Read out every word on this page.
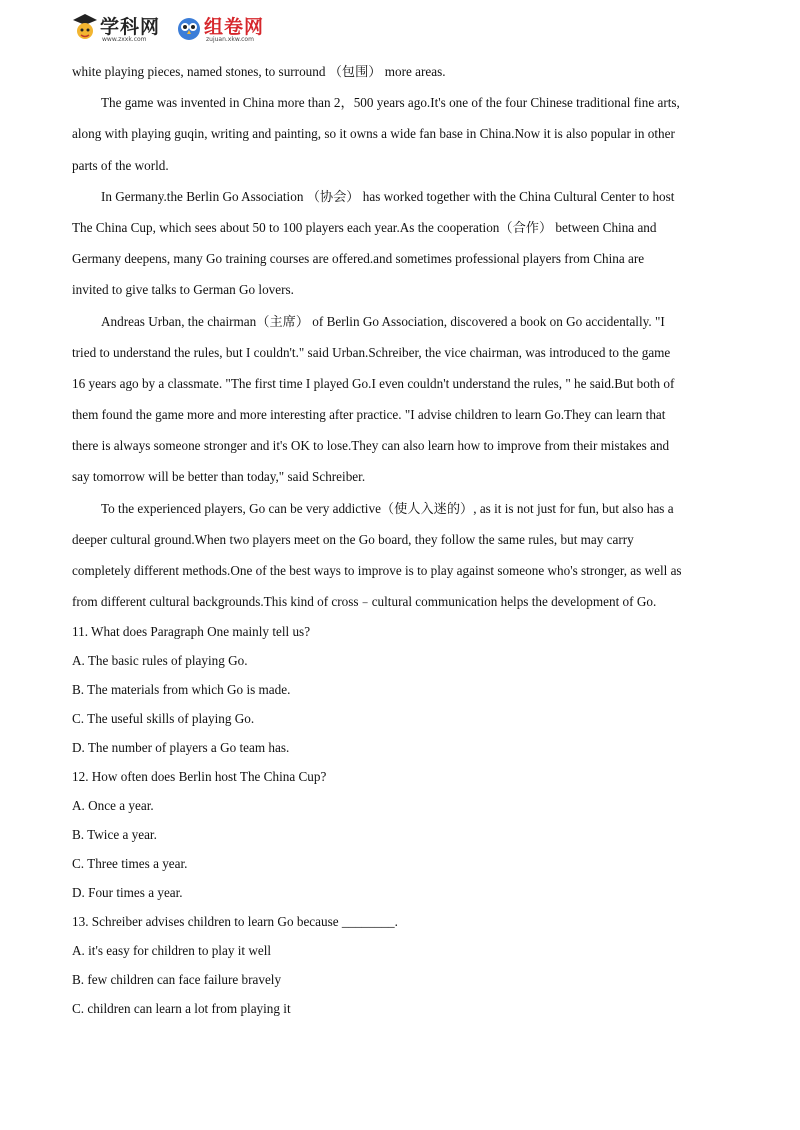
学科网
www.zxxk.com
组卷网
zujuan.xkw.com
white playing pieces, named stones, to surround （包围） more areas.
The game was invented in China more than 2，500 years ago.It's one of the four Chinese traditional fine arts,
along with playing guqin, writing and painting, so it owns a wide fan base in China.Now it is also popular in other
parts of the world.
In Germany.the Berlin Go Association （协会） has worked together with the China Cultural Center to host
The China Cup, which sees about 50 to 100 players each year.As the cooperation（合作） between China and
Germany deepens, many Go training courses are offered.and sometimes professional players from China are
invited to give talks to German Go lovers.
Andreas Urban, the chairman（主席） of Berlin Go Association, discovered a book on Go accidentally. "I
tried to understand the rules, but I couldn't." said Urban.Schreiber, the vice chairman, was introduced to the game
16 years ago by a classmate. "The first time I played Go.I even couldn't understand the rules, " he said.But both of
them found the game more and more interesting after practice. "I advise children to learn Go.They can learn that
there is always someone stronger and it's OK to lose.They can also learn how to improve from their mistakes and
say tomorrow will be better than today," said Schreiber.
To the experienced players, Go can be very addictive（使人入迷的）, as it is not just for fun, but also has a
deeper cultural ground.When two players meet on the Go board, they follow the same rules, but may carry
completely different methods.One of the best ways to improve is to play against someone who's stronger, as well as
from different cultural backgrounds.This kind of cross﹣cultural communication helps the development of Go.
11. What does Paragraph One mainly tell us?
A. The basic rules of playing Go.
B. The materials from which Go is made.
C. The useful skills of playing Go.
D. The number of players a Go team has.
12. How often does Berlin host The China Cup?
A. Once a year.
B. Twice a year.
C. Three times a year.
D. Four times a year.
13. Schreiber advises children to learn Go because ________.
A. it's easy for children to play it well
B. few children can face failure bravely
C. children can learn a lot from playing it
